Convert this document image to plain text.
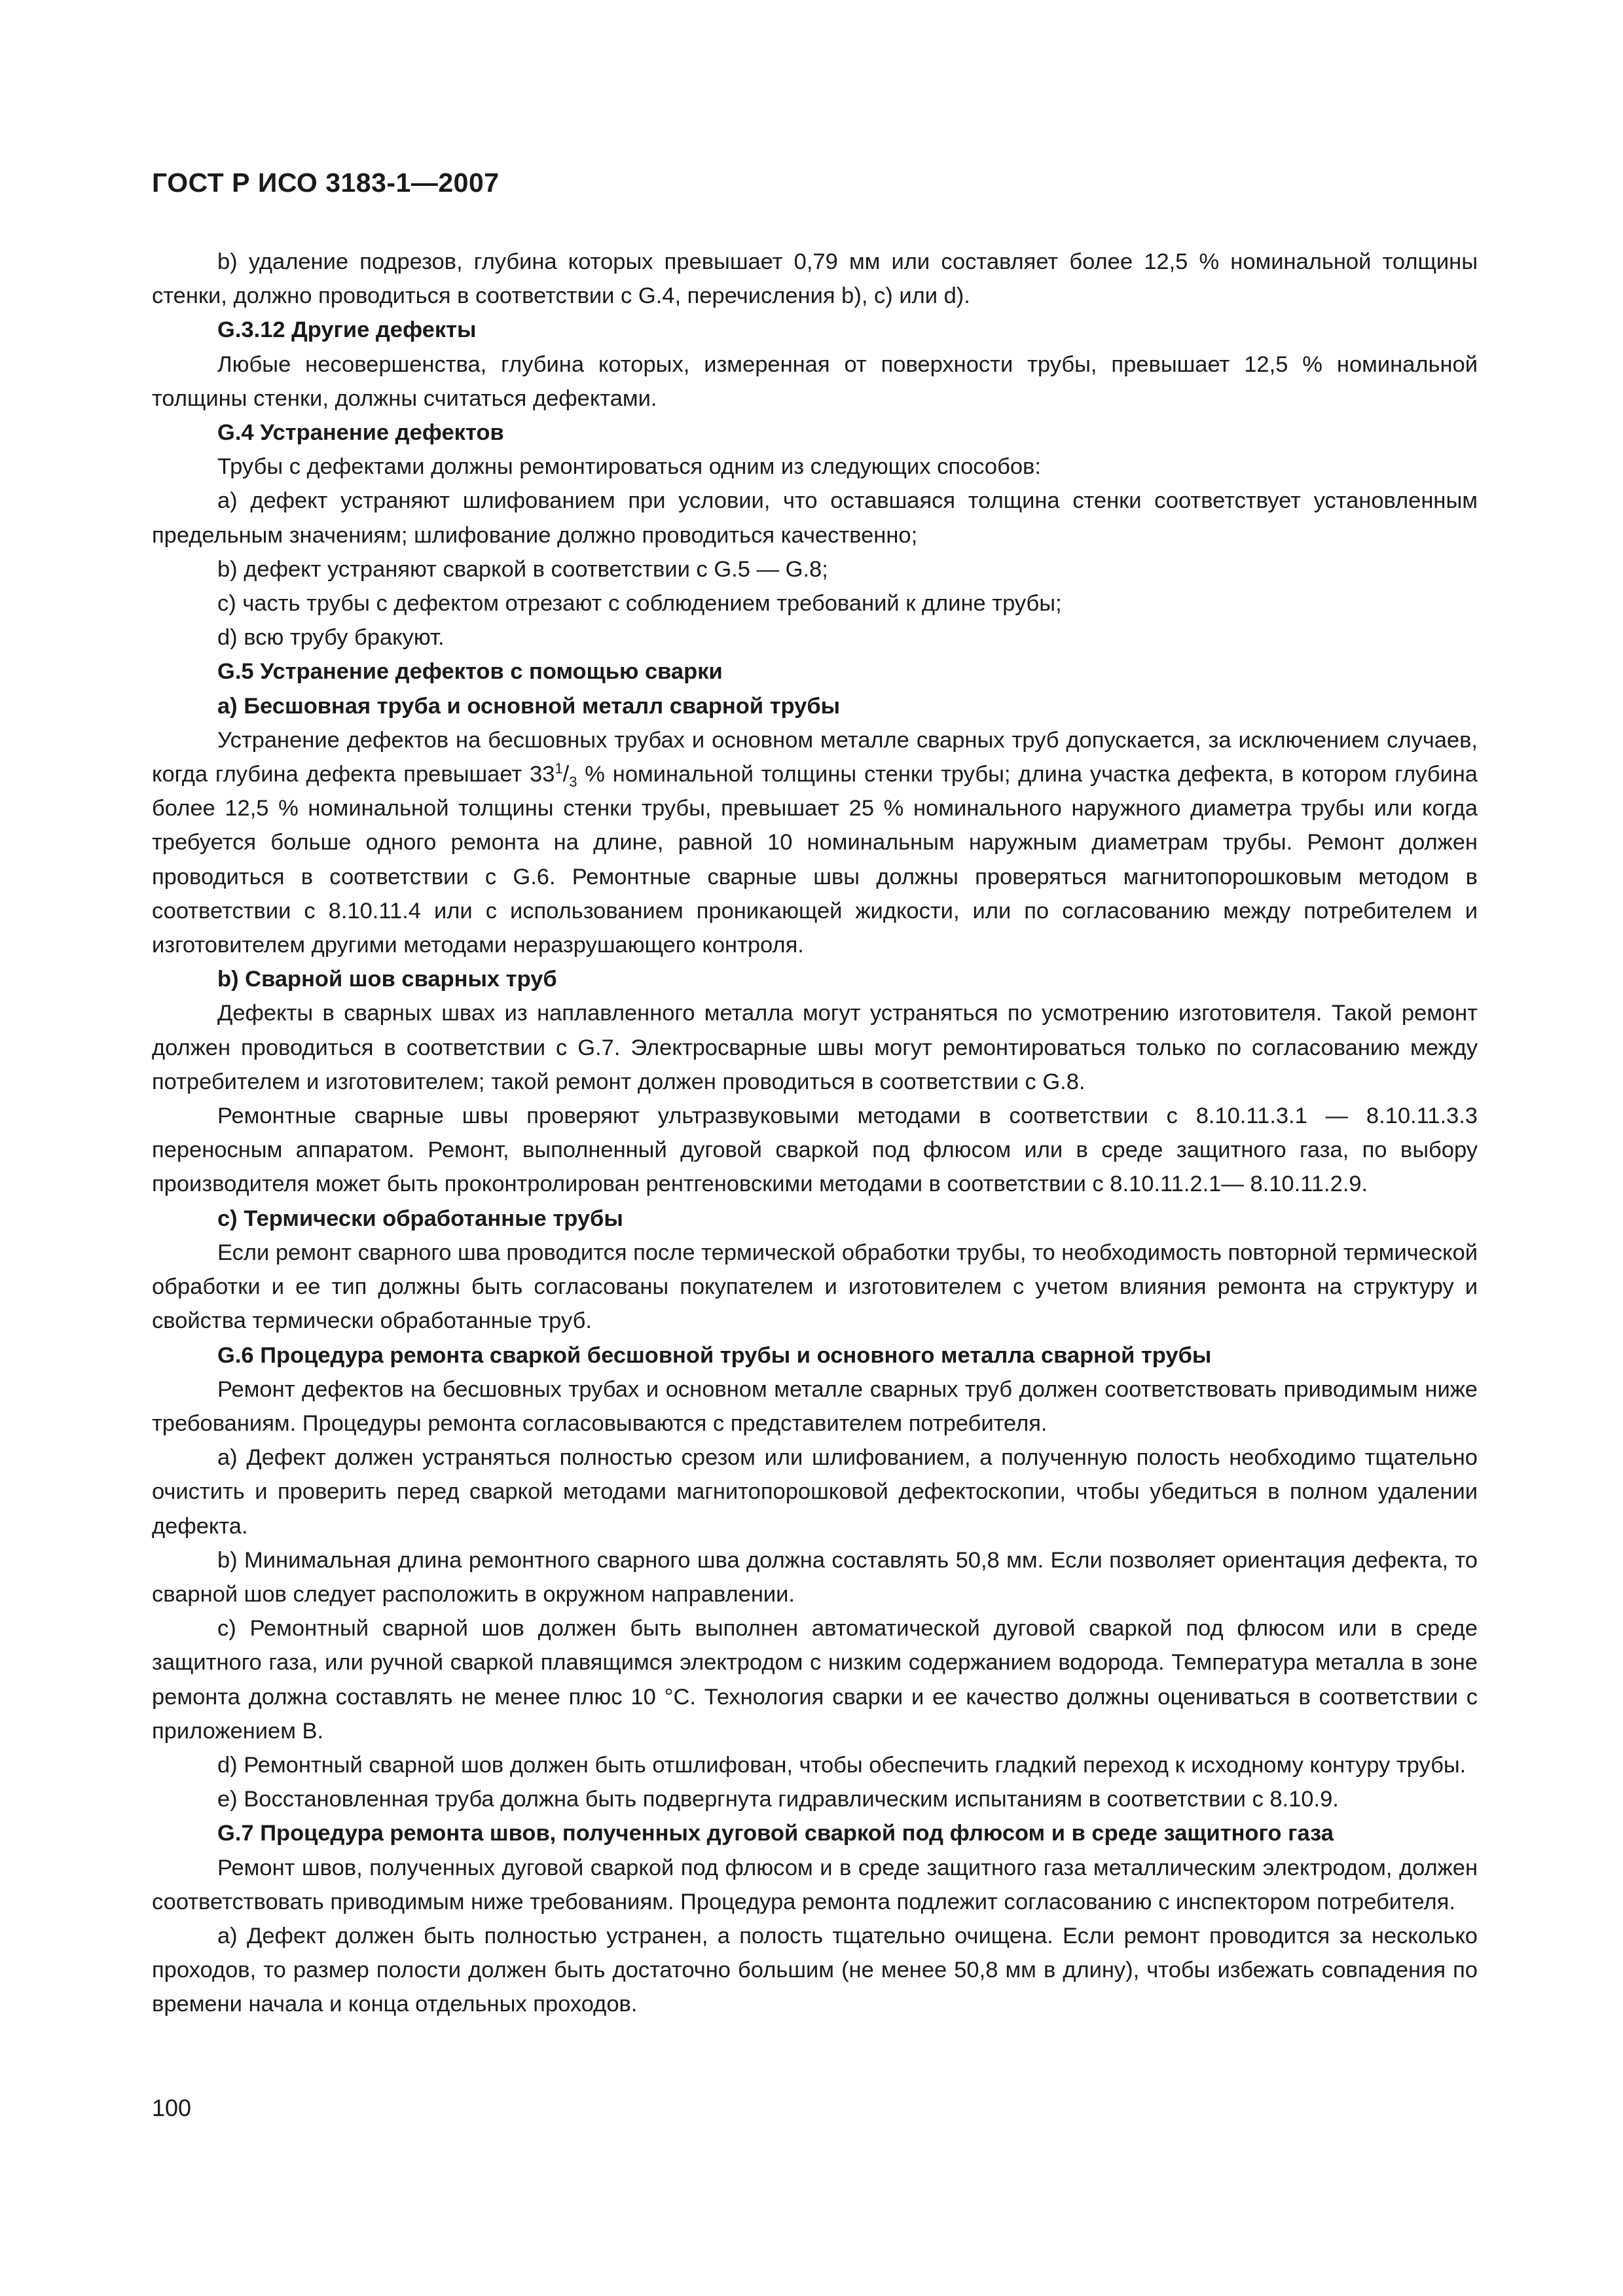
ГОСТ Р ИСО 3183-1—2007

b) удаление подрезов, глубина которых превышает 0,79 мм или составляет более 12,5 % номинальной толщины стенки, должно проводиться в соответствии с G.4, перечисления b), c) или d).

G.3.12 Другие дефекты

Любые несовершенства, глубина которых, измеренная от поверхности трубы, превышает 12,5 % номинальной толщины стенки, должны считаться дефектами.

G.4 Устранение дефектов

Трубы с дефектами должны ремонтироваться одним из следующих способов:

a) дефект устраняют шлифованием при условии, что оставшаяся толщина стенки соответствует установленным предельным значениям; шлифование должно проводиться качественно;

b) дефект устраняют сваркой в соответствии с G.5 — G.8;

c) часть трубы с дефектом отрезают с соблюдением требований к длине трубы;

d) всю трубу бракуют.

G.5 Устранение дефектов с помощью сварки
a) Бесшовная труба и основной металл сварной трубы

Устранение дефектов на бесшовных трубах и основном металле сварных труб допускается, за исключением случаев, когда глубина дефекта превышает $33^1/_3$ % номинальной толщины стенки трубы; длина участка дефекта, в котором глубина более 12,5 % номинальной толщины стенки трубы, превышает 25 % номинального наружного диаметра трубы или когда требуется больше одного ремонта на длине, равной 10 номинальным наружным диаметрам трубы. Ремонт должен проводиться в соответствии с G.6. Ремонтные сварные швы должны проверяться магнитопорошковым методом в соответствии с 8.10.11.4 или с использованием проникающей жидкости, или по согласованию между потребителем и изготовителем другими методами неразрушающего контроля.

b) Сварной шов сварных труб

Дефекты в сварных швах из наплавленного металла могут устраняться по усмотрению изготовителя. Такой ремонт должен проводиться в соответствии с G.7. Электросварные швы могут ремонтироваться только по согласованию между потребителем и изготовителем; такой ремонт должен проводиться в соответствии с G.8.

Ремонтные сварные швы проверяют ультразвуковыми методами в соответствии с 8.10.11.3.1 — 8.10.11.3.3 переносным аппаратом. Ремонт, выполненный дуговой сваркой под флюсом или в среде защитного газа, по выбору производителя может быть проконтролирован рентгеновскими методами в соответствии с 8.10.11.2.1— 8.10.11.2.9.

c) Термически обработанные трубы

Если ремонт сварного шва проводится после термической обработки трубы, то необходимость повторной термической обработки и ее тип должны быть согласованы покупателем и изготовителем с учетом влияния ремонта на структуру и свойства термически обработанные труб.

G.6 Процедура ремонта сваркой бесшовной трубы и основного металла сварной трубы

Ремонт дефектов на бесшовных трубах и основном металле сварных труб должен соответствовать приводимым ниже требованиям. Процедуры ремонта согласовываются с представителем потребителя.

a) Дефект должен устраняться полностью срезом или шлифованием, а полученную полость необходимо тщательно очистить и проверить перед сваркой методами магнитопорошковой дефектоскопии, чтобы убедиться в полном удалении дефекта.

b) Минимальная длина ремонтного сварного шва должна составлять 50,8 мм. Если позволяет ориентация дефекта, то сварной шов следует расположить в окружном направлении.

c) Ремонтный сварной шов должен быть выполнен автоматической дуговой сваркой под флюсом или в среде защитного газа, или ручной сваркой плавящимся электродом с низким содержанием водорода. Температура металла в зоне ремонта должна составлять не менее плюс 10 °С. Технология сварки и ее качество должны оцениваться в соответствии с приложением В.

d) Ремонтный сварной шов должен быть отшлифован, чтобы обеспечить гладкий переход к исходному контуру трубы.

e) Восстановленная труба должна быть подвергнута гидравлическим испытаниям в соответствии с 8.10.9.

G.7 Процедура ремонта швов, полученных дуговой сваркой под флюсом и в среде защитного газа

Ремонт швов, полученных дуговой сваркой под флюсом и в среде защитного газа металлическим электродом, должен соответствовать приводимым ниже требованиям. Процедура ремонта подлежит согласованию с инспектором потребителя.

a) Дефект должен быть полностью устранен, а полость тщательно очищена. Если ремонт проводится за несколько проходов, то размер полости должен быть достаточно большим (не менее 50,8 мм в длину), чтобы избежать совпадения по времени начала и конца отдельных проходов.

100
